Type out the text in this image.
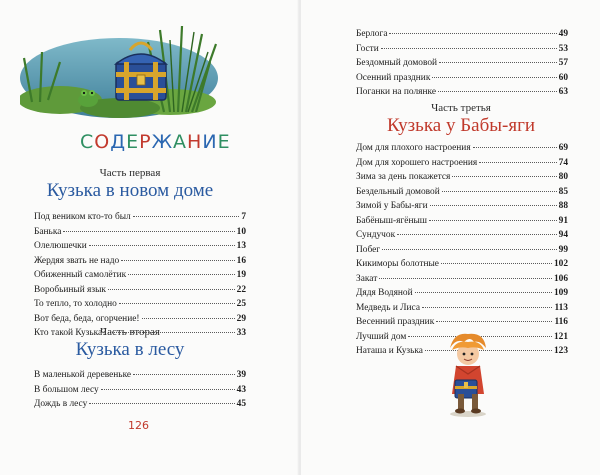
СОДЕРЖАНИЕ
Часть первая
Кузька в новом доме
Под веником кто-то был	7
Банька	10
Олелюшечки	13
Жердяя звать не надо	16
Обиженный самолётик	19
Воробьиный язык	22
То тепло, то холодно	25
Вот беда, беда, огорчение!	29
Кто такой Кузька?	33
Часть вторая
Кузька в лесу
В маленькой деревеньке	39
В большом лесу	43
Дождь в лесу	45
126
Берлога	49
Гости	53
Бездомный домовой	57
Осенний праздник	60
Поганки на полянке	63
Часть третья
Кузька у Бабы-яги
Дом для плохого настроения	69
Дом для хорошего настроения	74
Зима за день покажется	80
Бездельный домовой	85
Зимой у Бабы-яги	88
Бабёныш-ягёныш	91
Сундучок	94
Побег	99
Кикиморы болотные	102
Закат	106
Дядя Водяной	109
Медведь и Лиса	113
Весенний праздник	116
Лучший дом	121
Наташа и Кузька	123
